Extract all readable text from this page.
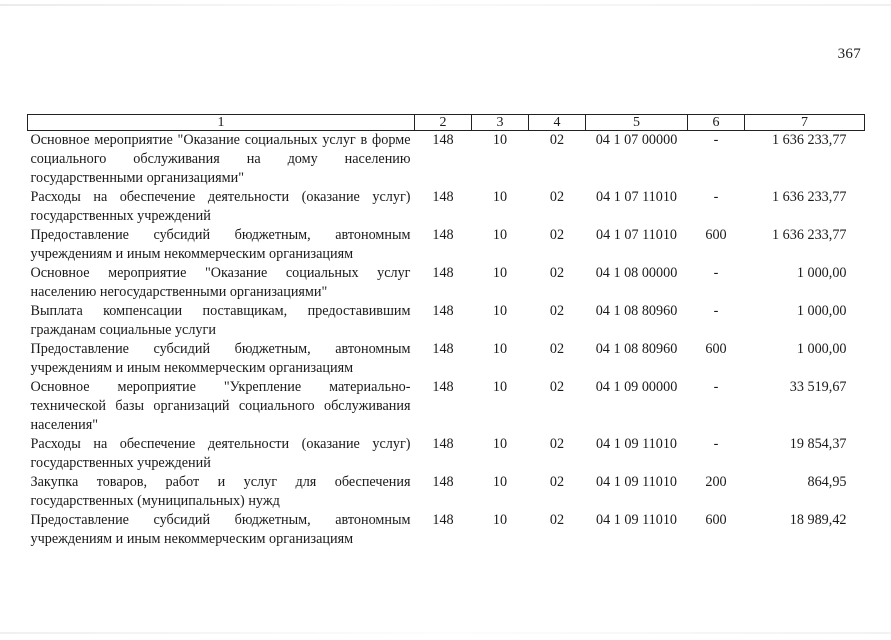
367
1	2	3	4	5	6	7
Основное мероприятие "Оказание социальных услуг в форме социального обслуживания на дому населению государственными организациями"	148	10	02	04 1 07 00000	-	1 636 233,77
Расходы на обеспечение деятельности (оказание услуг) государственных учреждений	148	10	02	04 1 07 11010	-	1 636 233,77
Предоставление субсидий бюджетным, автономным учреждениям и иным некоммерческим организациям	148	10	02	04 1 07 11010	600	1 636 233,77
Основное мероприятие "Оказание социальных услуг населению негосударственными организациями"	148	10	02	04 1 08 00000	-	1 000,00
Выплата компенсации поставщикам, предоставившим гражданам социальные услуги	148	10	02	04 1 08 80960	-	1 000,00
Предоставление субсидий бюджетным, автономным учреждениям и иным некоммерческим организациям	148	10	02	04 1 08 80960	600	1 000,00
Основное мероприятие "Укрепление материально-технической базы организаций социального обслуживания населения"	148	10	02	04 1 09 00000	-	33 519,67
Расходы на обеспечение деятельности (оказание услуг) государственных учреждений	148	10	02	04 1 09 11010	-	19 854,37
Закупка товаров, работ и услуг для обеспечения государственных (муниципальных) нужд	148	10	02	04 1 09 11010	200	864,95
Предоставление субсидий бюджетным, автономным учреждениям и иным некоммерческим организациям	148	10	02	04 1 09 11010	600	18 989,42
